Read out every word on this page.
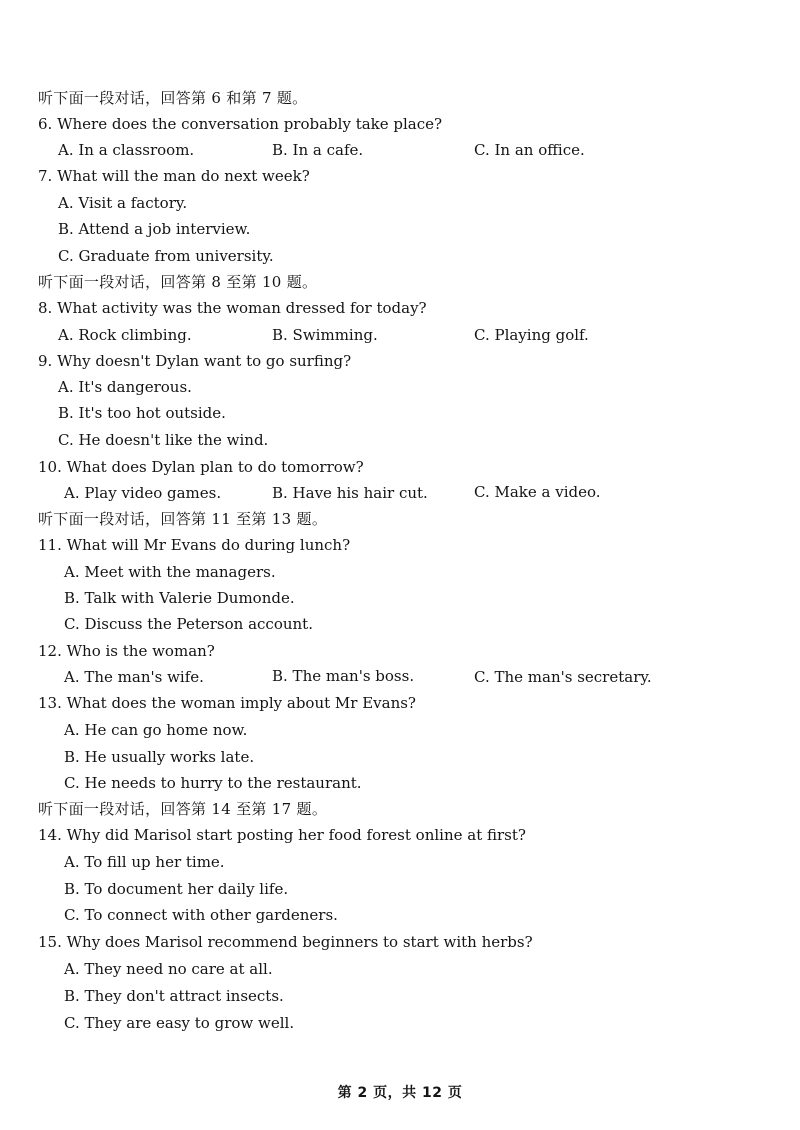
听下面一段对话，回答第 6 和第 7 题。
6. Where does the conversation probably take place?
A. In a classroom.	B. In a cafe.	C. In an office.
7. What will the man do next week?
A. Visit a factory.
B. Attend a job interview.
C. Graduate from university.
听下面一段对话，回答第 8 至第 10 题。
8. What activity was the woman dressed for today?
A. Rock climbing.	B. Swimming.	C. Playing golf.
9. Why doesn't Dylan want to go surfing?
A. It's dangerous.
B. It's too hot outside.
C. He doesn't like the wind.
10. What does Dylan plan to do tomorrow?
A. Play video games.	B. Have his hair cut.	C. Make a video.
听下面一段对话，回答第 11 至第 13 题。
11. What will Mr Evans do during lunch?
A. Meet with the managers.
B. Talk with Valerie Dumonde.
C. Discuss the Peterson account.
12. Who is the woman?
A. The man's wife.	B. The man's boss.	C. The man's secretary.
13. What does the woman imply about Mr Evans?
A. He can go home now.
B. He usually works late.
C. He needs to hurry to the restaurant.
听下面一段对话，回答第 14 至第 17 题。
14. Why did Marisol start posting her food forest online at first?
A. To fill up her time.
B. To document her daily life.
C. To connect with other gardeners.
15. Why does Marisol recommend beginners to start with herbs?
A. They need no care at all.
B. They don't attract insects.
C. They are easy to grow well.
第 2 页，共 12 页
